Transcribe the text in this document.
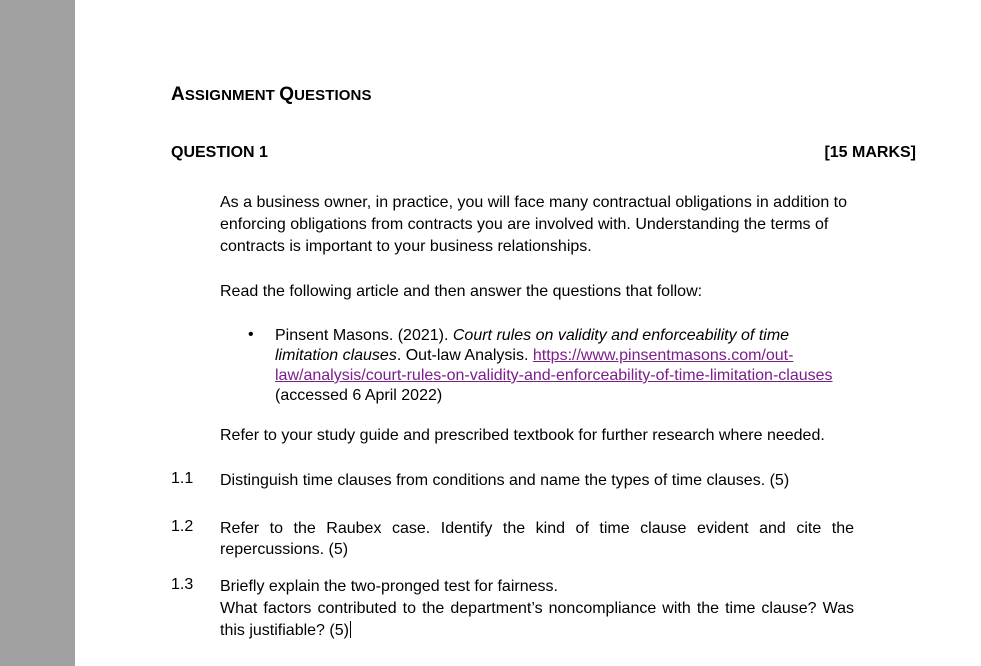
ASSIGNMENT QUESTIONS
QUESTION 1	[15 MARKS]
As a business owner, in practice, you will face many contractual obligations in addition to enforcing obligations from contracts you are involved with. Understanding the terms of contracts is important to your business relationships.
Read the following article and then answer the questions that follow:
• Pinsent Masons. (2021). Court rules on validity and enforceability of time limitation clauses. Out-law Analysis. https://www.pinsentmasons.com/out-law/analysis/court-rules-on-validity-and-enforceability-of-time-limitation-clauses (accessed 6 April 2022)
Refer to your study guide and prescribed textbook for further research where needed.
1.1 Distinguish time clauses from conditions and name the types of time clauses. (5)
1.2 Refer to the Raubex case. Identify the kind of time clause evident and cite the repercussions. (5)
1.3 Briefly explain the two-pronged test for fairness.
What factors contributed to the department’s noncompliance with the time clause? Was this justifiable? (5)
